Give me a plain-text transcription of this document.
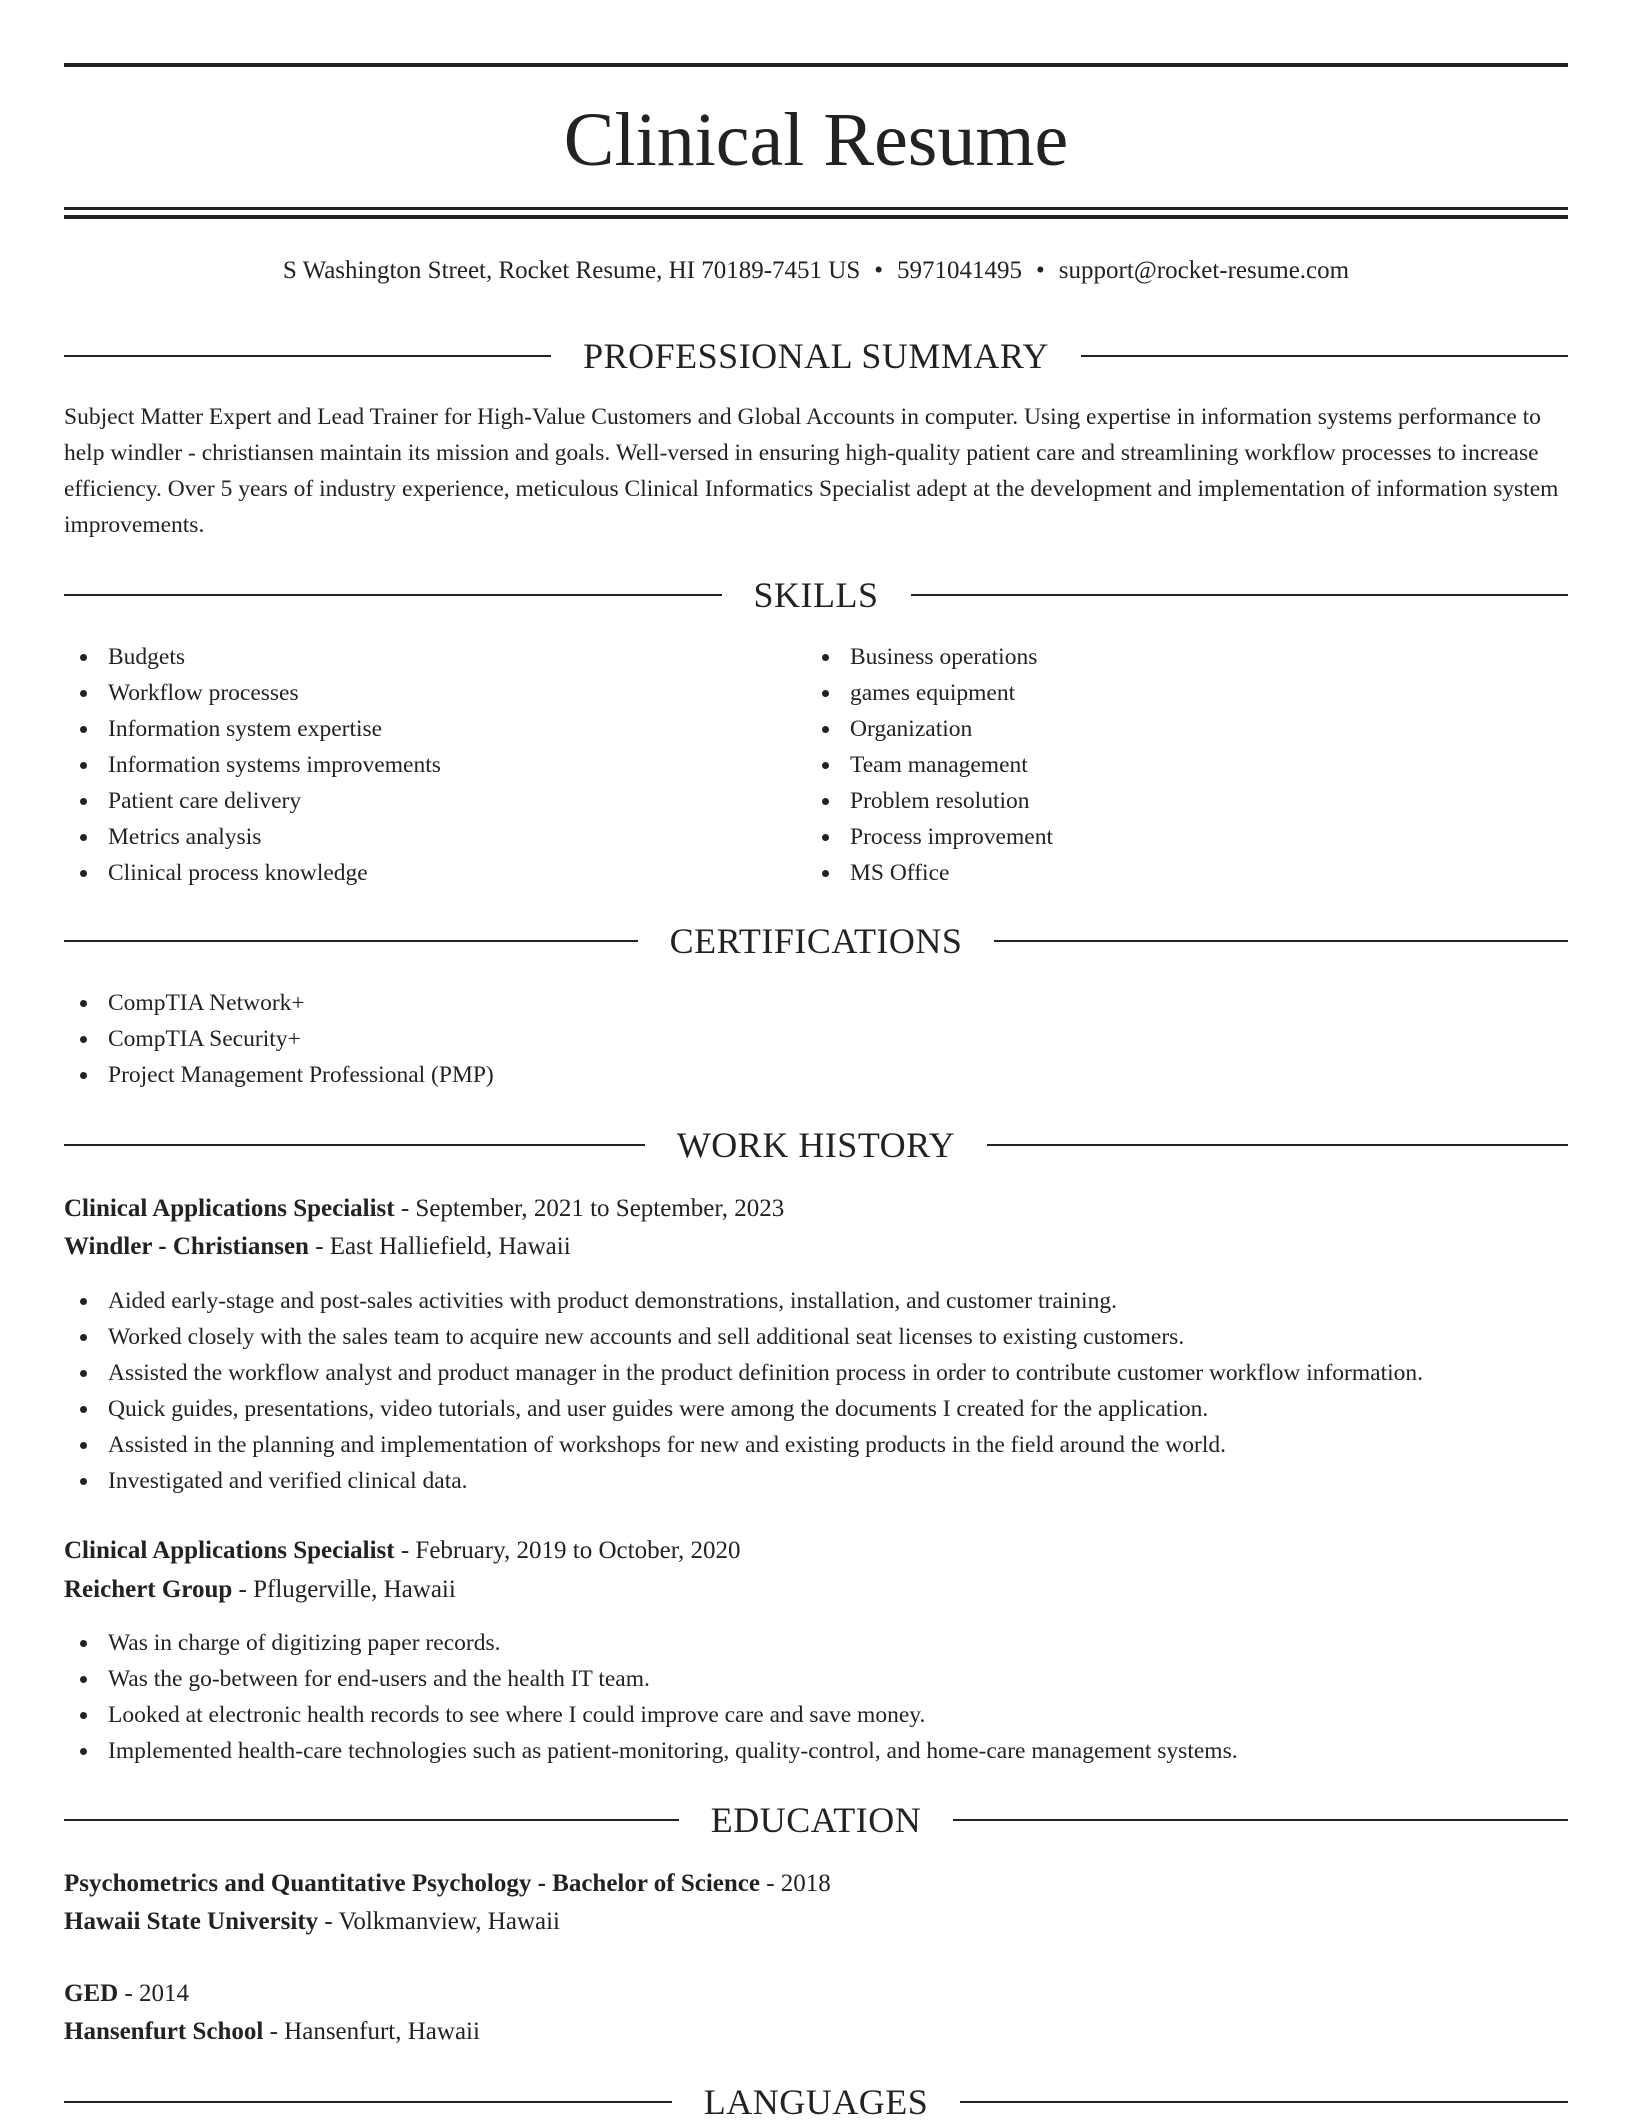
Clinical Resume
S Washington Street, Rocket Resume, HI 70189-7451 US • 5971041495 • support@rocket-resume.com
PROFESSIONAL SUMMARY

Subject Matter Expert and Lead Trainer for High-Value Customers and Global Accounts in computer. Using expertise in information systems performance to help windler - christiansen maintain its mission and goals. Well-versed in ensuring high-quality patient care and streamlining workflow processes to increase efficiency. Over 5 years of industry experience, meticulous Clinical Informatics Specialist adept at the development and implementation of information system improvements.

SKILLS
Budgets
Workflow processes
Information system expertise
Information systems improvements
Patient care delivery
Metrics analysis
Clinical process knowledge
Business operations
games equipment
Organization
Team management
Problem resolution
Process improvement
MS Office
CERTIFICATIONS
CompTIA Network+
CompTIA Security+
Project Management Professional (PMP)
WORK HISTORY
Clinical Applications Specialist - September, 2021 to September, 2023
Windler - Christiansen - East Halliefield, Hawaii
Aided early-stage and post-sales activities with product demonstrations, installation, and customer training.
Worked closely with the sales team to acquire new accounts and sell additional seat licenses to existing customers.
Assisted the workflow analyst and product manager in the product definition process in order to contribute customer workflow information.
Quick guides, presentations, video tutorials, and user guides were among the documents I created for the application.
Assisted in the planning and implementation of workshops for new and existing products in the field around the world.
Investigated and verified clinical data.
Clinical Applications Specialist - February, 2019 to October, 2020
Reichert Group - Pflugerville, Hawaii
Was in charge of digitizing paper records.
Was the go-between for end-users and the health IT team.
Looked at electronic health records to see where I could improve care and save money.
Implemented health-care technologies such as patient-monitoring, quality-control, and home-care management systems.
EDUCATION
Psychometrics and Quantitative Psychology - Bachelor of Science - 2018
Hawaii State University - Volkmanview, Hawaii
GED - 2014
Hansenfurt School - Hansenfurt, Hawaii
LANGUAGES
